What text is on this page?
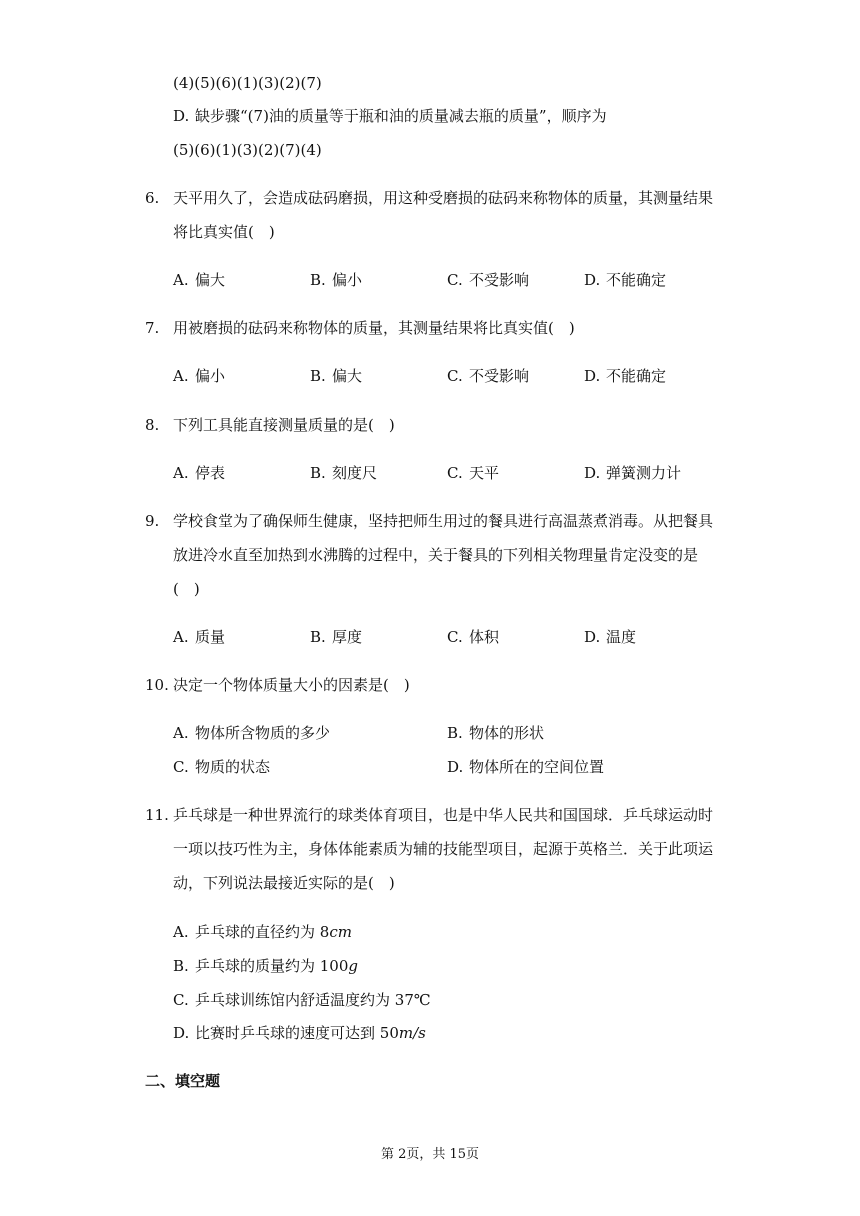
(4)(5)(6)(1)(3)(2)(7)
D. 缺步骤“(7)油的质量等于瓶和油的质量减去瓶的质量”，顺序为
(5)(6)(1)(3)(2)(7)(4)
6. 天平用久了，会造成砝码磨损，用这种受磨损的砝码来称物体的质量，其测量结果
将比真实值(　)
A. 偏大	B. 偏小	C. 不受影响	D. 不能确定
7. 用被磨损的砝码来称物体的质量，其测量结果将比真实值(　)
A. 偏小	B. 偏大	C. 不受影响	D. 不能确定
8. 下列工具能直接测量质量的是(　)
A. 停表	B. 刻度尺	C. 天平	D. 弹簧测力计
9. 学校食堂为了确保师生健康，坚持把师生用过的餐具进行高温蒸煮消毒。从把餐具
放进冷水直至加热到水沸腾的过程中，关于餐具的下列相关物理量肯定没变的是
(　)
A. 质量	B. 厚度	C. 体积	D. 温度
10. 决定一个物体质量大小的因素是(　)
A. 物体所含物质的多少	B. 物体的形状
C. 物质的状态	D. 物体所在的空间位置
11. 乒乓球是一种世界流行的球类体育项目，也是中华人民共和国国球．乒乓球运动时
一项以技巧性为主，身体体能素质为辅的技能型项目，起源于英格兰．关于此项运
动，下列说法最接近实际的是(　)
A. 乒乓球的直径约为 8cm
B. 乒乓球的质量约为 100g
C. 乒乓球训练馆内舒适温度约为 37℃
D. 比赛时乒乓球的速度可达到 50m/s
二、填空题
第 2页，共 15页
